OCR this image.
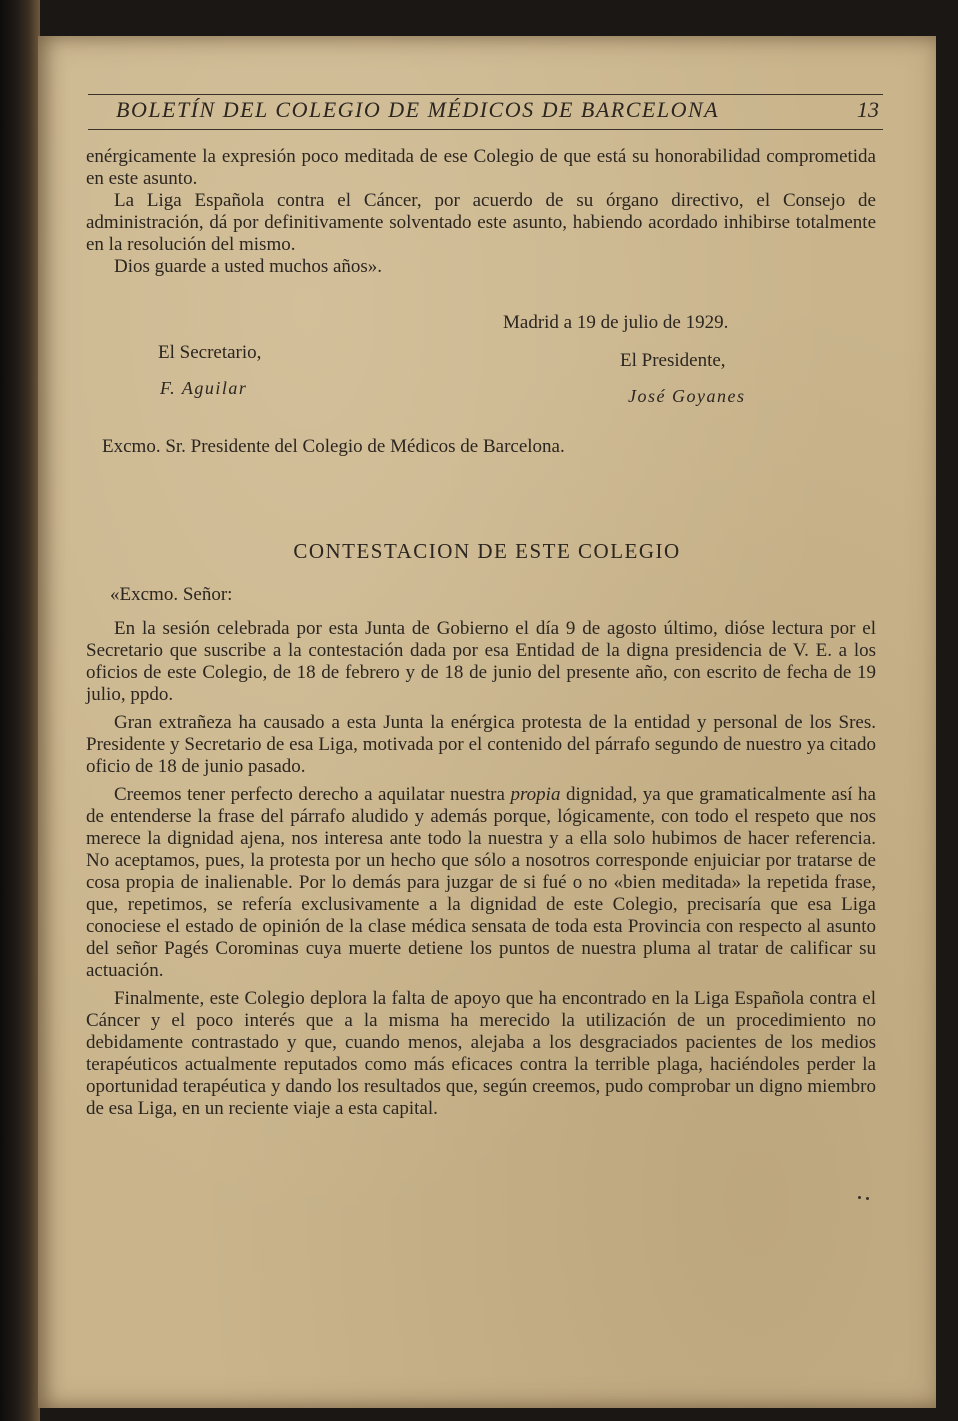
BOLETÍN DEL COLEGIO DE MÉDICOS DE BARCELONA	13

enérgicamente la expresión poco meditada de ese Colegio de que está su honorabilidad comprometida en este asunto.

La Liga Española contra el Cáncer, por acuerdo de su órgano directivo, el Consejo de administración, dá por definitivamente solventado este asunto, habiendo acordado inhibirse totalmente en la resolución del mismo.

Dios guarde a usted muchos años».

Madrid a 19 de julio de 1929.
El Secretario,	El Presidente,
F. Aguilar	José Goyanes
Excmo. Sr. Presidente del Colegio de Médicos de Barcelona.
CONTESTACION DE ESTE COLEGIO

«Excmo. Señor:

En la sesión celebrada por esta Junta de Gobierno el día 9 de agosto último, dióse lectura por el Secretario que suscribe a la contestación dada por esa Entidad de la digna presidencia de V. E. a los oficios de este Colegio, de 18 de febrero y de 18 de junio del presente año, con escrito de fecha de 19 julio, ppdo.

Gran extrañeza ha causado a esta Junta la enérgica protesta de la entidad y personal de los Sres. Presidente y Secretario de esa Liga, motivada por el contenido del párrafo segundo de nuestro ya citado oficio de 18 de junio pasado.

Creemos tener perfecto derecho a aquilatar nuestra propia dignidad, ya que gramaticalmente así ha de entenderse la frase del párrafo aludido y además porque, lógicamente, con todo el respeto que nos merece la dignidad ajena, nos interesa ante todo la nuestra y a ella solo hubimos de hacer referencia. No aceptamos, pues, la protesta por un hecho que sólo a nosotros corresponde enjuiciar por tratarse de cosa propia de inalienable. Por lo demás para juzgar de si fué o no «bien meditada» la repetida frase, que, repetimos, se refería exclusivamente a la dignidad de este Colegio, precisaría que esa Liga conociese el estado de opinión de la clase médica sensata de toda esta Provincia con respecto al asunto del señor Pagés Corominas cuya muerte detiene los puntos de nuestra pluma al tratar de calificar su actuación.

Finalmente, este Colegio deplora la falta de apoyo que ha encontrado en la Liga Española contra el Cáncer y el poco interés que a la misma ha merecido la utilización de un procedimiento no debidamente contrastado y que, cuando menos, alejaba a los desgraciados pacientes de los medios terapéuticos actualmente reputados como más eficaces contra la terrible plaga, haciéndoles perder la oportunidad terapéutica y dando los resultados que, según creemos, pudo comprobar un digno miembro de esa Liga, en un reciente viaje a esta capital.
